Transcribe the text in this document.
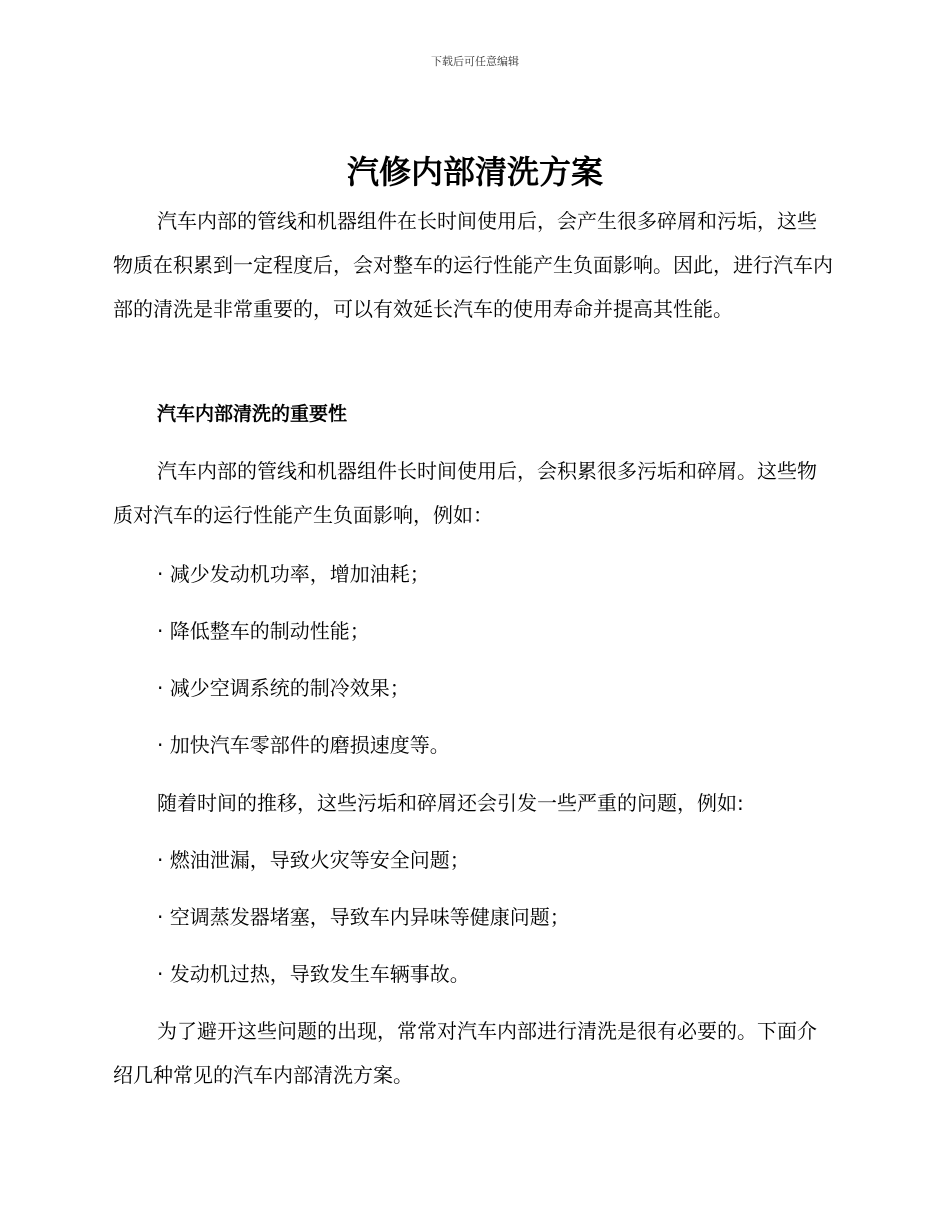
下载后可任意编辑
汽修内部清洗方案

汽车内部的管线和机器组件在长时间使用后，会产生很多碎屑和污垢，这些物质在积累到一定程度后，会对整车的运行性能产生负面影响。因此，进行汽车内部的清洗是非常重要的，可以有效延长汽车的使用寿命并提高其性能。

汽车内部清洗的重要性

汽车内部的管线和机器组件长时间使用后，会积累很多污垢和碎屑。这些物质对汽车的运行性能产生负面影响，例如：

· 减少发动机功率，增加油耗；

· 降低整车的制动性能；

· 减少空调系统的制冷效果；

· 加快汽车零部件的磨损速度等。

随着时间的推移，这些污垢和碎屑还会引发一些严重的问题，例如:

· 燃油泄漏，导致火灾等安全问题；

· 空调蒸发器堵塞，导致车内异味等健康问题；

· 发动机过热，导致发生车辆事故。

为了避开这些问题的出现，常常对汽车内部进行清洗是很有必要的。下面介绍几种常见的汽车内部清洗方案。
